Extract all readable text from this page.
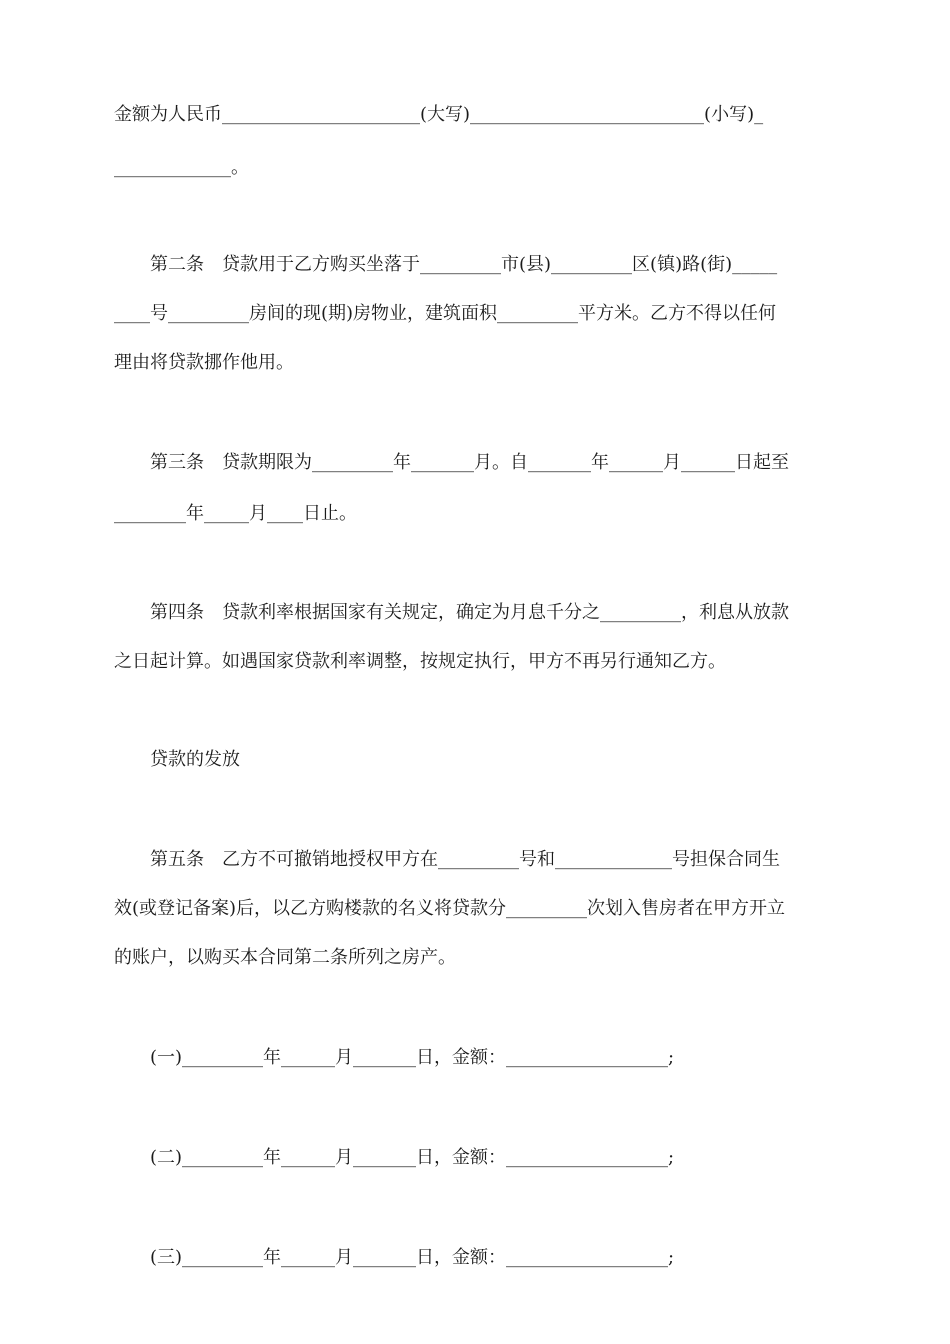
金额为人民币______________________(大写)__________________________(小写)_
_____________。
　　第二条　贷款用于乙方购买坐落于_________市(县)_________区(镇)路(街)_____
____号_________房间的现(期)房物业，建筑面积_________平方米。乙方不得以任何
理由将贷款挪作他用。
　　第三条　贷款期限为_________年_______月。自_______年______月______日起至
________年_____月____日止。
　　第四条　贷款利率根据国家有关规定，确定为月息千分之_________，利息从放款
之日起计算。如遇国家贷款利率调整，按规定执行，甲方不再另行通知乙方。
　　贷款的发放
　　第五条　乙方不可撤销地授权甲方在_________号和_____________号担保合同生
效(或登记备案)后，以乙方购楼款的名义将贷款分_________次划入售房者在甲方开立
的账户，以购买本合同第二条所列之房产。
　　(一)_________年______月_______日，金额：__________________;
　　(二)_________年______月_______日，金额：__________________;
　　(三)_________年______月_______日，金额：__________________;
